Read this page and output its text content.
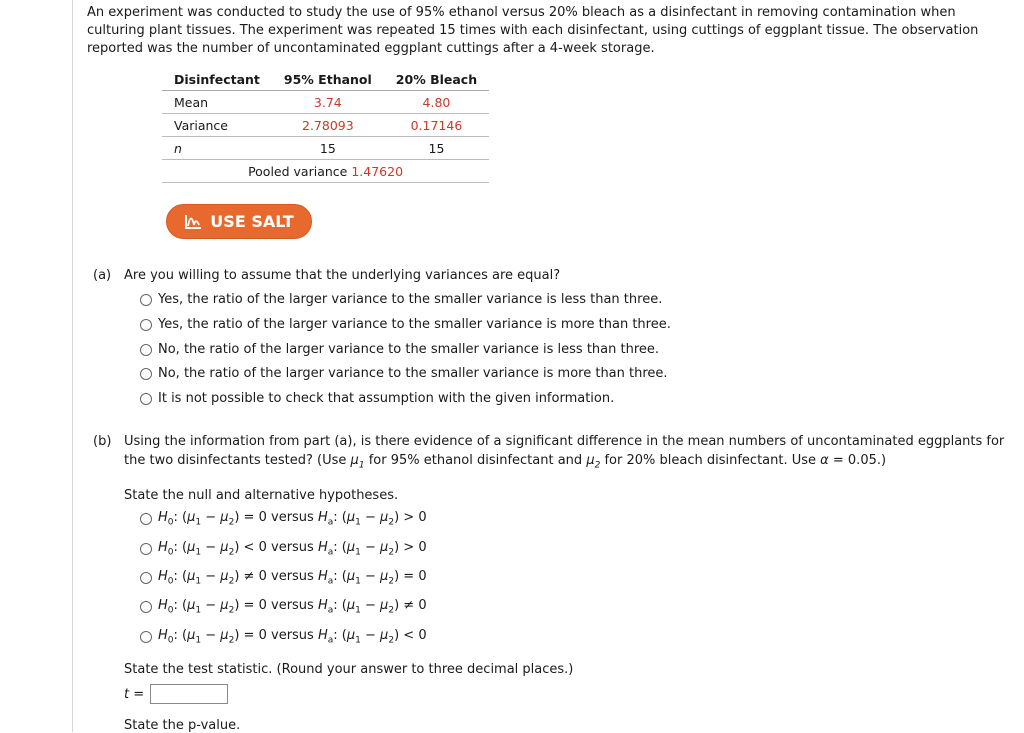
An experiment was conducted to study the use of 95% ethanol versus 20% bleach as a disinfectant in removing contamination when culturing plant tissues. The experiment was repeated 15 times with each disinfectant, using cuttings of eggplant tissue. The observation reported was the number of uncontaminated eggplant cuttings after a 4-week storage.
Disinfectant	95% Ethanol	20% Bleach
Mean	3.74	4.80
Variance	2.78093	0.17146
n	15	15
Pooled variance 1.47620		
USE SALT
(a) Are you willing to assume that the underlying variances are equal?
Yes, the ratio of the larger variance to the smaller variance is less than three.
Yes, the ratio of the larger variance to the smaller variance is more than three.
No, the ratio of the larger variance to the smaller variance is less than three.
No, the ratio of the larger variance to the smaller variance is more than three.
It is not possible to check that assumption with the given information.
(b) Using the information from part (a), is there evidence of a significant difference in the mean numbers of uncontaminated eggplants for the two disinfectants tested? (Use $\mu_1$ for 95% ethanol disinfectant and $\mu_2$ for 20% bleach disinfectant. Use α = 0.05.)
State the null and alternative hypotheses.
$H_0$: $(\mu_1 - \mu_2) = 0$ versus $H_a$: $(\mu_1 - \mu_2) > 0$
$H_0$: $(\mu_1 - \mu_2) < 0$ versus $H_a$: $(\mu_1 - \mu_2) > 0$
$H_0$: $(\mu_1 - \mu_2) \ne 0$ versus $H_a$: $(\mu_1 - \mu_2) = 0$
$H_0$: $(\mu_1 - \mu_2) = 0$ versus $H_a$: $(\mu_1 - \mu_2) \ne 0$
$H_0$: $(\mu_1 - \mu_2) = 0$ versus $H_a$: $(\mu_1 - \mu_2) < 0$
State the test statistic. (Round your answer to three decimal places.)
t =
State the p-value.
